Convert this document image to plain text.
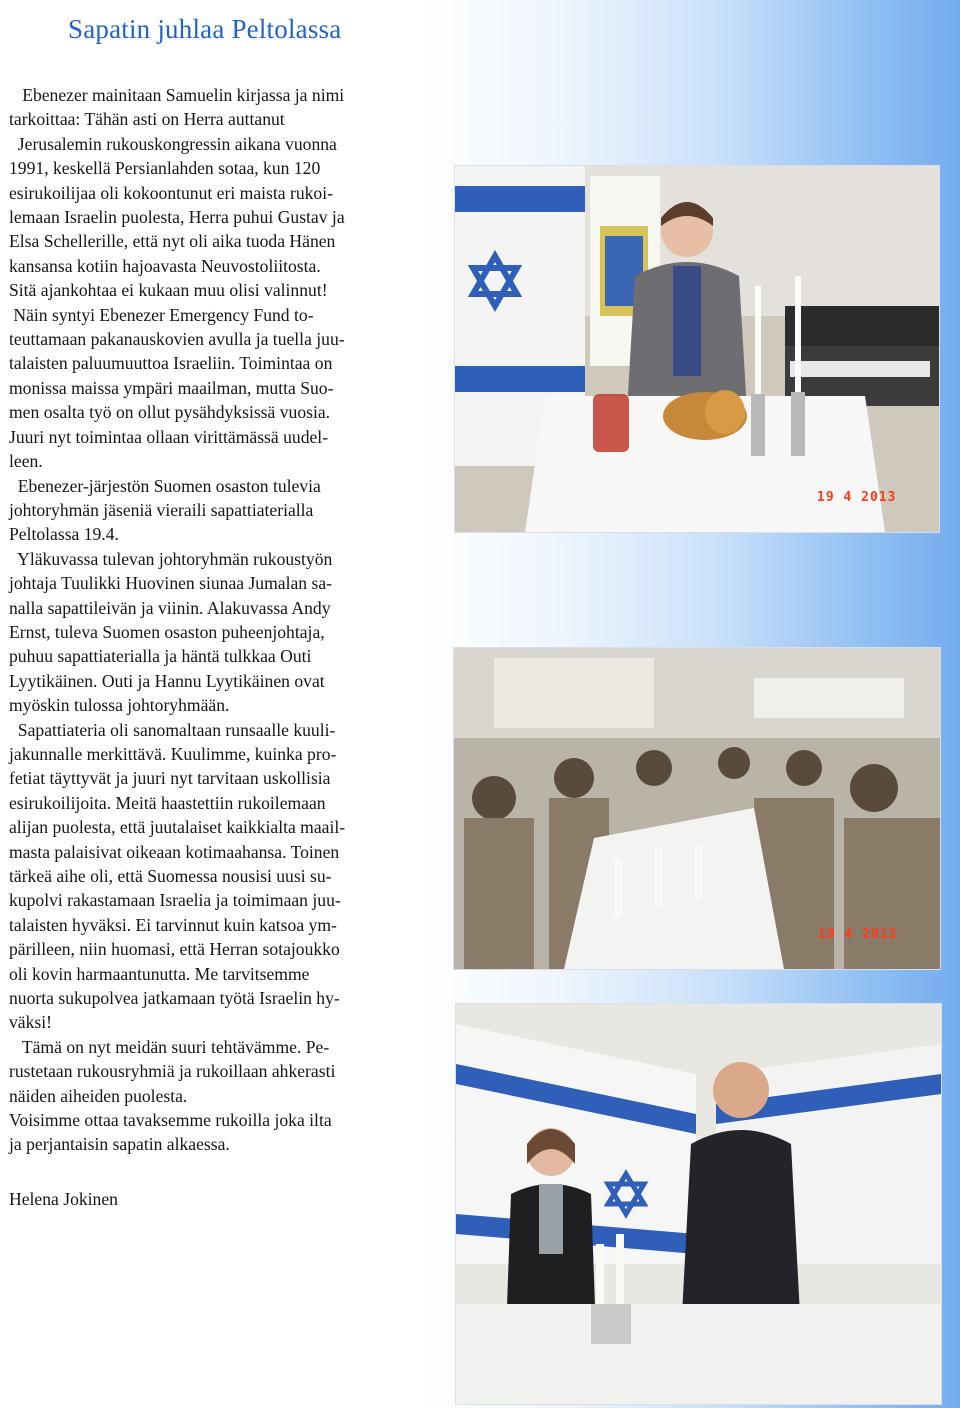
Sapatin juhlaa Peltolassa

Ebenezer mainitaan Samuelin kirjassa ja nimi

tarkoittaa: Tähän asti on Herra auttanut

Jerusalemin rukouskongressin aikana vuonna

1991, keskellä Persianlahden sotaa, kun 120

esirukoilijaa oli kokoontunut eri maista rukoi-

lemaan Israelin puolesta, Herra puhui Gustav ja

Elsa Schellerille, että nyt oli aika tuoda Hänen

kansansa kotiin hajoavasta Neuvostoliitosta.

Sitä ajankohtaa ei kukaan muu olisi valinnut!

Näin syntyi Ebenezer Emergency Fund to-

teuttamaan pakanauskovien avulla ja tuella juu-

talaisten paluumuuttoa Israeliin. Toimintaa on

monissa maissa ympäri maailman, mutta Suo-

men osalta työ on ollut pysähdyksissä vuosia.

Juuri nyt toimintaa ollaan virittämässä uudel-

leen.

Ebenezer-järjestön Suomen osaston tulevia

johtoryhmän jäseniä vieraili sapattiaterialla

Peltolassa 19.4.

Yläkuvassa tulevan johtoryhmän rukoustyön

johtaja Tuulikki Huovinen siunaa Jumalan sa-

nalla sapattileivän ja viinin. Alakuvassa Andy

Ernst, tuleva Suomen osaston puheenjohtaja,

puhuu sapattiaterialla ja häntä tulkkaa Outi

Lyytikäinen. Outi ja Hannu Lyytikäinen ovat

myöskin tulossa johtoryhmään.

Sapattiateria oli sanomaltaan runsaalle kuuli-

jakunnalle merkittävä. Kuulimme, kuinka pro-

fetiat täyttyvät ja juuri nyt tarvitaan uskollisia

esirukoilijoita. Meitä haastettiin rukoilemaan

alijan puolesta, että juutalaiset kaikkialta maail-

masta palaisivat oikeaan kotimaahansa. Toinen

tärkeä aihe oli, että Suomessa nousisi uusi su-

kupolvi rakastamaan Israelia ja toimimaan juu-

talaisten hyväksi. Ei tarvinnut kuin katsoa ym-

pärilleen, niin huomasi, että Herran sotajoukko

oli kovin harmaantunutta. Me tarvitsemme

nuorta sukupolvea jatkamaan työtä Israelin hy-

väksi!

Tämä on nyt meidän suuri tehtävämme. Pe-

rustetaan rukousryhmiä ja rukoillaan ahkerasti

näiden aiheiden puolesta.

Voisimme ottaa tavaksemme rukoilla joka ilta

ja perjantaisin sapatin alkaessa.

19 4 2013
19 4 2013
Helena Jokinen
